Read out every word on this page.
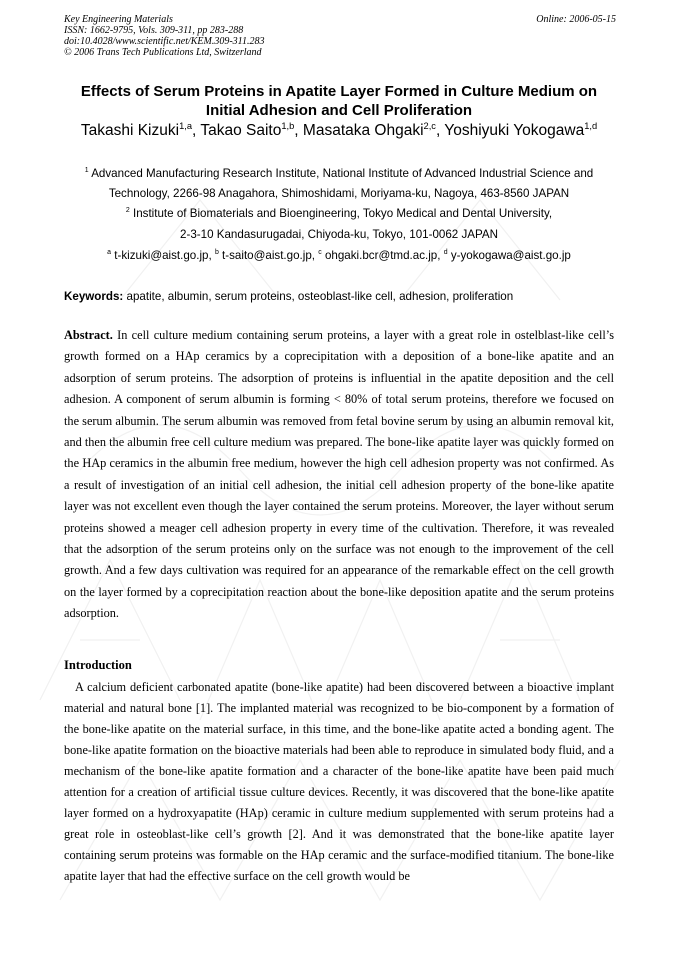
Key Engineering Materials
ISSN: 1662-9795, Vols. 309-311, pp 283-288
doi:10.4028/www.scientific.net/KEM.309-311.283
© 2006 Trans Tech Publications Ltd, Switzerland
Online: 2006-05-15
Effects of Serum Proteins in Apatite Layer Formed in Culture Medium on
Initial Adhesion and Cell Proliferation
Takashi Kizuki$^{1,a}$, Takao Saito$^{1,b}$, Masataka Ohgaki$^{2,c}$, Yoshiyuki Yokogawa$^{1,d}$
$^1$ Advanced Manufacturing Research Institute, National Institute of Advanced Industrial Science and
Technology, 2266-98 Anagahora, Shimoshidami, Moriyama-ku, Nagoya, 463-8560 JAPAN
$^2$ Institute of Biomaterials and Bioengineering, Tokyo Medical and Dental University,
2-3-10 Kandasurugadai, Chiyoda-ku, Tokyo, 101-0062 JAPAN
$^a$ t-kizuki@aist.go.jp, $^b$ t-saito@aist.go.jp, $^c$ ohgaki.bcr@tmd.ac.jp, $^d$ y-yokogawa@aist.go.jp
Keywords: apatite, albumin, serum proteins, osteoblast-like cell, adhesion, proliferation
Abstract. In cell culture medium containing serum proteins, a layer with a great role in ostelblast-like cell’s growth formed on a HAp ceramics by a coprecipitation with a deposition of a bone-like apatite and an adsorption of serum proteins. The adsorption of proteins is influential in the apatite deposition and the cell adhesion. A component of serum albumin is forming < 80% of total serum proteins, therefore we focused on the serum albumin. The serum albumin was removed from fetal bovine serum by using an albumin removal kit, and then the albumin free cell culture medium was prepared. The bone-like apatite layer was quickly formed on the HAp ceramics in the albumin free medium, however the high cell adhesion property was not confirmed. As a result of investigation of an initial cell adhesion, the initial cell adhesion property of the bone-like apatite layer was not excellent even though the layer contained the serum proteins. Moreover, the layer without serum proteins showed a meager cell adhesion property in every time of the cultivation. Therefore, it was revealed that the adsorption of the serum proteins only on the surface was not enough to the improvement of the cell growth. And a few days cultivation was required for an appearance of the remarkable effect on the cell growth on the layer formed by a coprecipitation reaction about the bone-like deposition apatite and the serum proteins adsorption.
Introduction
A calcium deficient carbonated apatite (bone-like apatite) had been discovered between a bioactive implant material and natural bone [1]. The implanted material was recognized to be bio-component by a formation of the bone-like apatite on the material surface, in this time, and the bone-like apatite acted a bonding agent. The bone-like apatite formation on the bioactive materials had been able to reproduce in simulated body fluid, and a mechanism of the bone-like apatite formation and a character of the bone-like apatite have been paid much attention for a creation of artificial tissue culture devices. Recently, it was discovered that the bone-like apatite layer formed on a hydroxyapatite (HAp) ceramic in culture medium supplemented with serum proteins had a great role in osteoblast-like cell’s growth [2]. And it was demonstrated that the bone-like apatite layer containing serum proteins was formable on the HAp ceramic and the surface-modified titanium. The bone-like apatite layer that had the effective surface on the cell growth would be
